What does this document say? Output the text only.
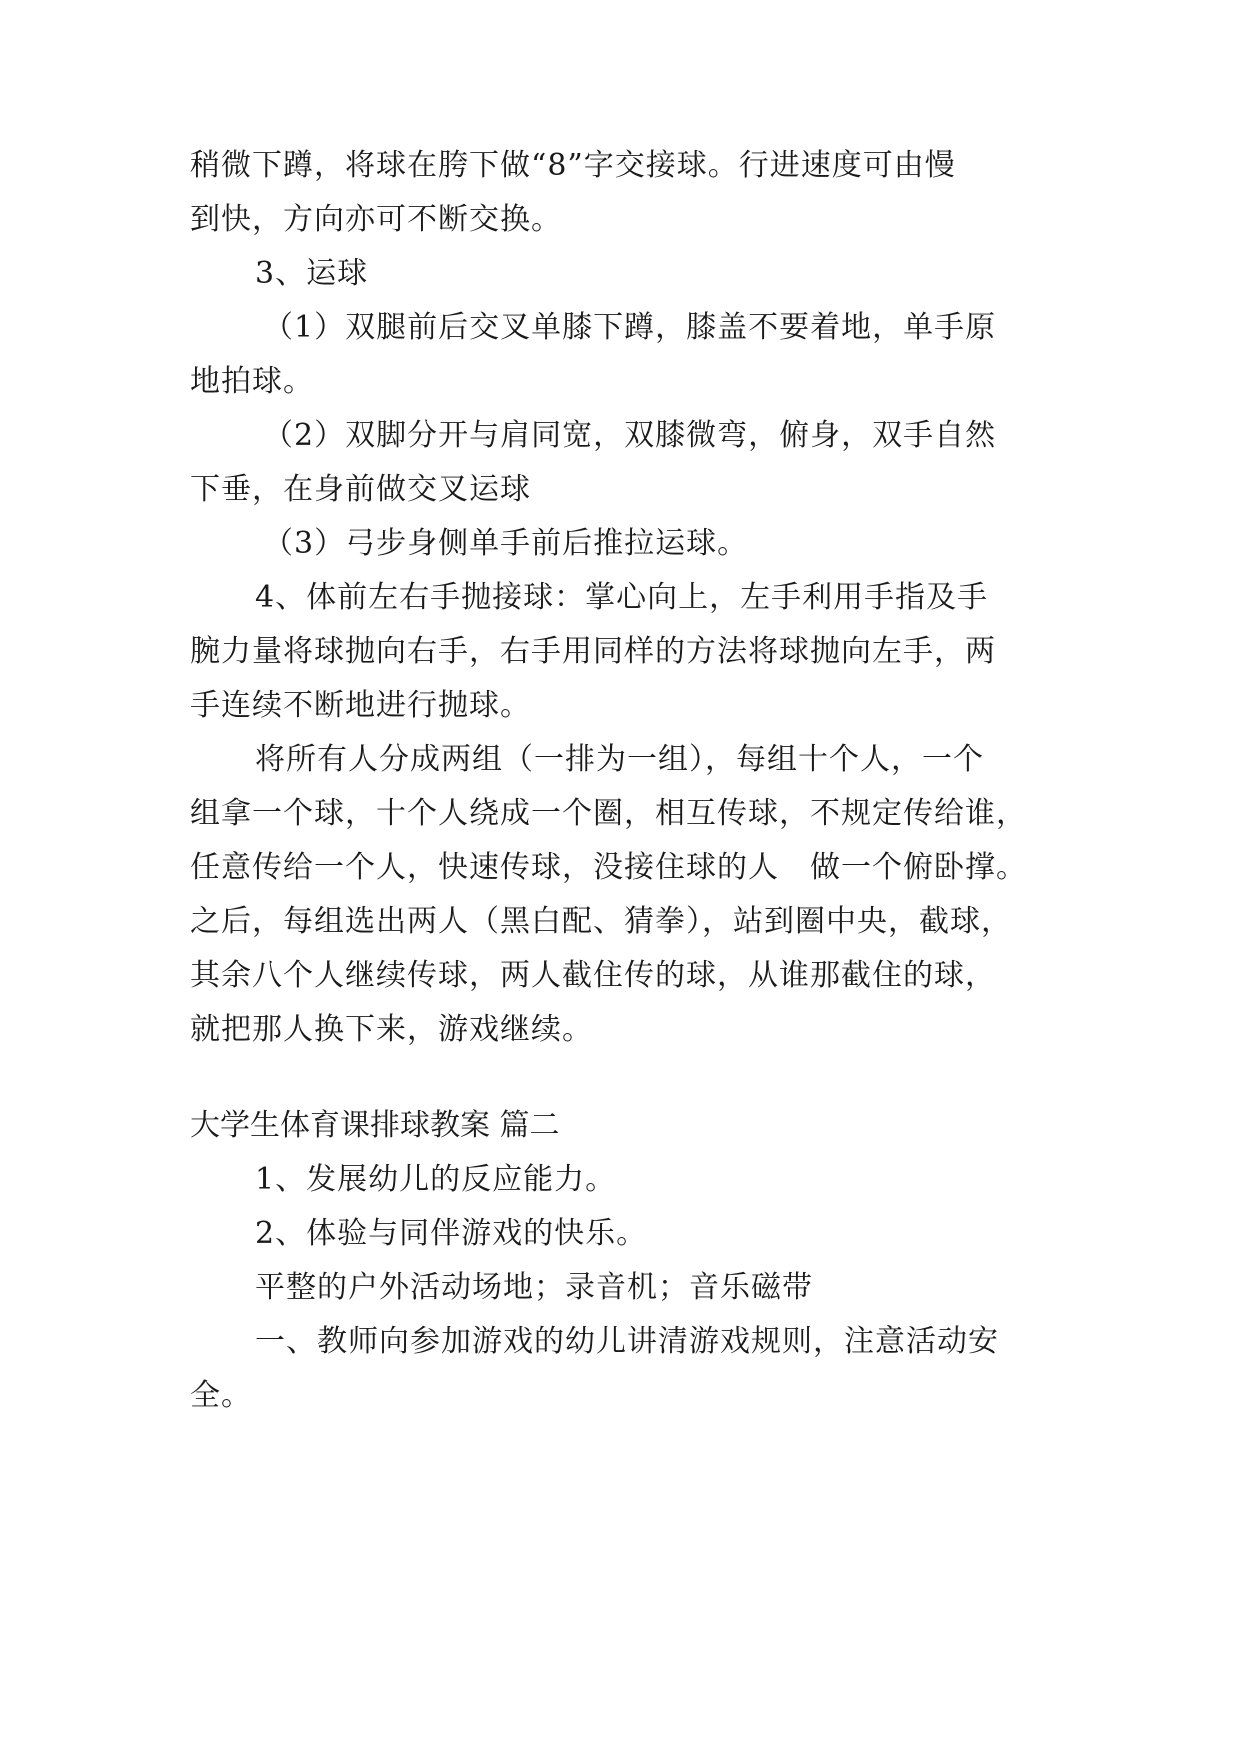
稍微下蹲，将球在胯下做“8”字交接球。行进速度可由慢
到快，方向亦可不断交换。
3、运球
（1）双腿前后交叉单膝下蹲，膝盖不要着地，单手原
地拍球。
（2）双脚分开与肩同宽，双膝微弯，俯身，双手自然
下垂，在身前做交叉运球
（3）弓步身侧单手前后推拉运球。
4、体前左右手抛接球：掌心向上，左手利用手指及手
腕力量将球抛向右手，右手用同样的方法将球抛向左手，两
手连续不断地进行抛球。
将所有人分成两组（一排为一组），每组十个人，一个
组拿一个球，十个人绕成一个圈，相互传球，不规定传给谁，
任意传给一个人，快速传球，没接住球的人　做一个俯卧撑。
之后，每组选出两人（黑白配、猜拳），站到圈中央，截球，
其余八个人继续传球，两人截住传的球，从谁那截住的球，
就把那人换下来，游戏继续。
大学生体育课排球教案 篇二
1、发展幼儿的反应能力。
2、体验与同伴游戏的快乐。
平整的户外活动场地；录音机；音乐磁带
一、教师向参加游戏的幼儿讲清游戏规则，注意活动安
全。
